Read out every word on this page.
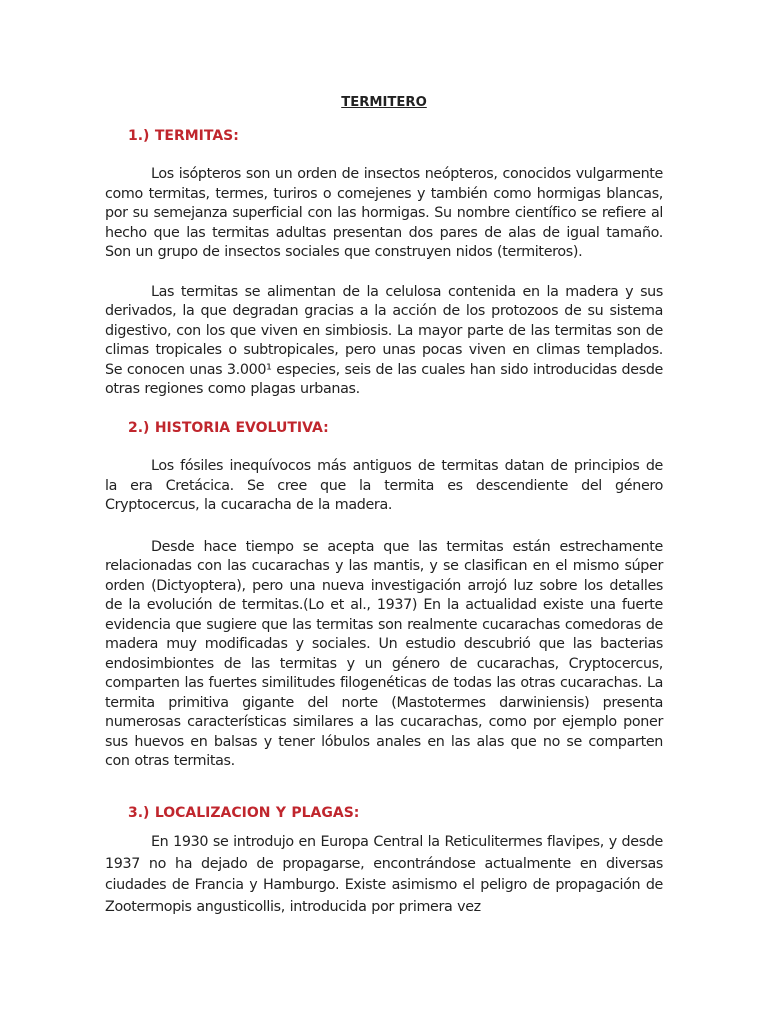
TERMITERO
1.) TERMITAS:

Los isópteros son un orden de insectos neópteros, conocidos vulgarmente como termitas, termes, turiros o comejenes y también como hormigas blancas, por su semejanza superficial con las hormigas. Su nombre científico se refiere al hecho que las termitas adultas presentan dos pares de alas de igual tamaño. Son un grupo de insectos sociales que construyen nidos (termiteros).

Las termitas se alimentan de la celulosa contenida en la madera y sus derivados, la que degradan gracias a la acción de los protozoos de su sistema digestivo, con los que viven en simbiosis. La mayor parte de las termitas son de climas tropicales o subtropicales, pero unas pocas viven en climas templados. Se conocen unas 3.000¹ especies, seis de las cuales han sido introducidas desde otras regiones como plagas urbanas.

2.) HISTORIA EVOLUTIVA:

Los fósiles inequívocos más antiguos de termitas datan de principios de la era Cretácica. Se cree que la termita es descendiente del género Cryptocercus, la cucaracha de la madera.

Desde hace tiempo se acepta que las termitas están estrechamente relacionadas con las cucarachas y las mantis, y se clasifican en el mismo súper orden (Dictyoptera), pero una nueva investigación arrojó luz sobre los detalles de la evolución de termitas.(Lo et al., 1937) En la actualidad existe una fuerte evidencia que sugiere que las termitas son realmente cucarachas comedoras de madera muy modificadas y sociales. Un estudio descubrió que las bacterias endosimbiontes de las termitas y un género de cucarachas, Cryptocercus, comparten las fuertes similitudes filogenéticas de todas las otras cucarachas. La termita primitiva gigante del norte (Mastotermes darwiniensis) presenta numerosas características similares a las cucarachas, como por ejemplo poner sus huevos en balsas y tener lóbulos anales en las alas que no se comparten con otras termitas.

3.) LOCALIZACION Y PLAGAS:

En 1930 se introdujo en Europa Central la Reticulitermes flavipes, y desde 1937 no ha dejado de propagarse, encontrándose actualmente en diversas ciudades de Francia y Hamburgo. Existe asimismo el peligro de propagación de Zootermopis angusticollis, introducida por primera vez
